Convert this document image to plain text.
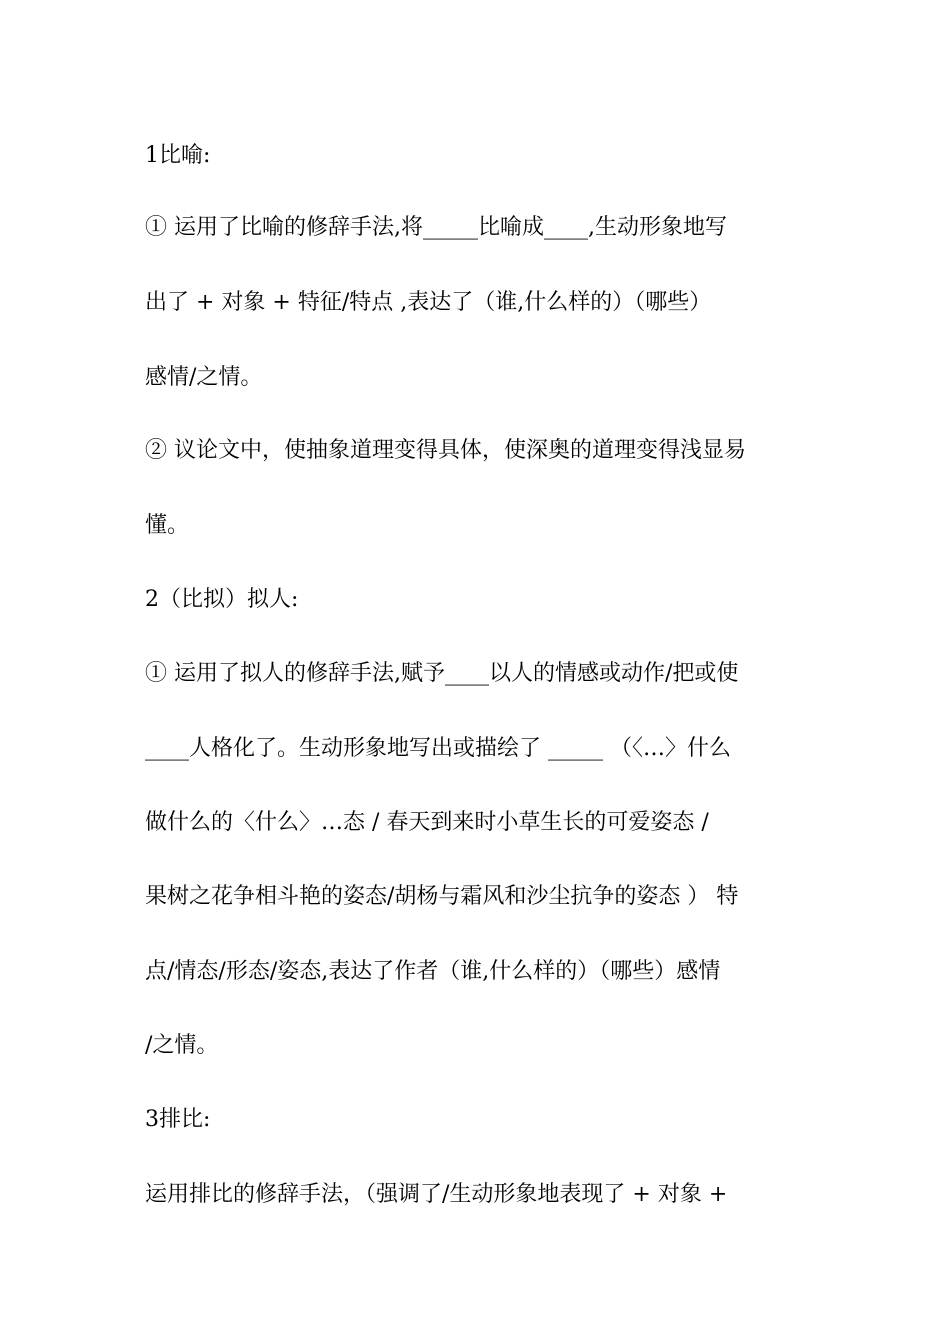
1比喻:
① 运用了比喻的修辞手法,将_____比喻成____,生动形象地写
出了 + 对象 + 特征/特点 ,表达了（谁,什么样的）（哪些）
感情/之情。
② 议论文中，使抽象道理变得具体，使深奥的道理变得浅显易
懂。
2（比拟）拟人:
① 运用了拟人的修辞手法,赋予____以人的情感或动作/把或使
____人格化了。生动形象地写出或描绘了 _____ （〈…〉什么
做什么的〈什么〉…态 / 春天到来时小草生长的可爱姿态 /
果树之花争相斗艳的姿态/胡杨与霜风和沙尘抗争的姿态 ） 特
点/情态/形态/姿态,表达了作者（谁,什么样的）（哪些）感情
/之情。
3排比:
运用排比的修辞手法，（强调了/生动形象地表现了 + 对象 +
